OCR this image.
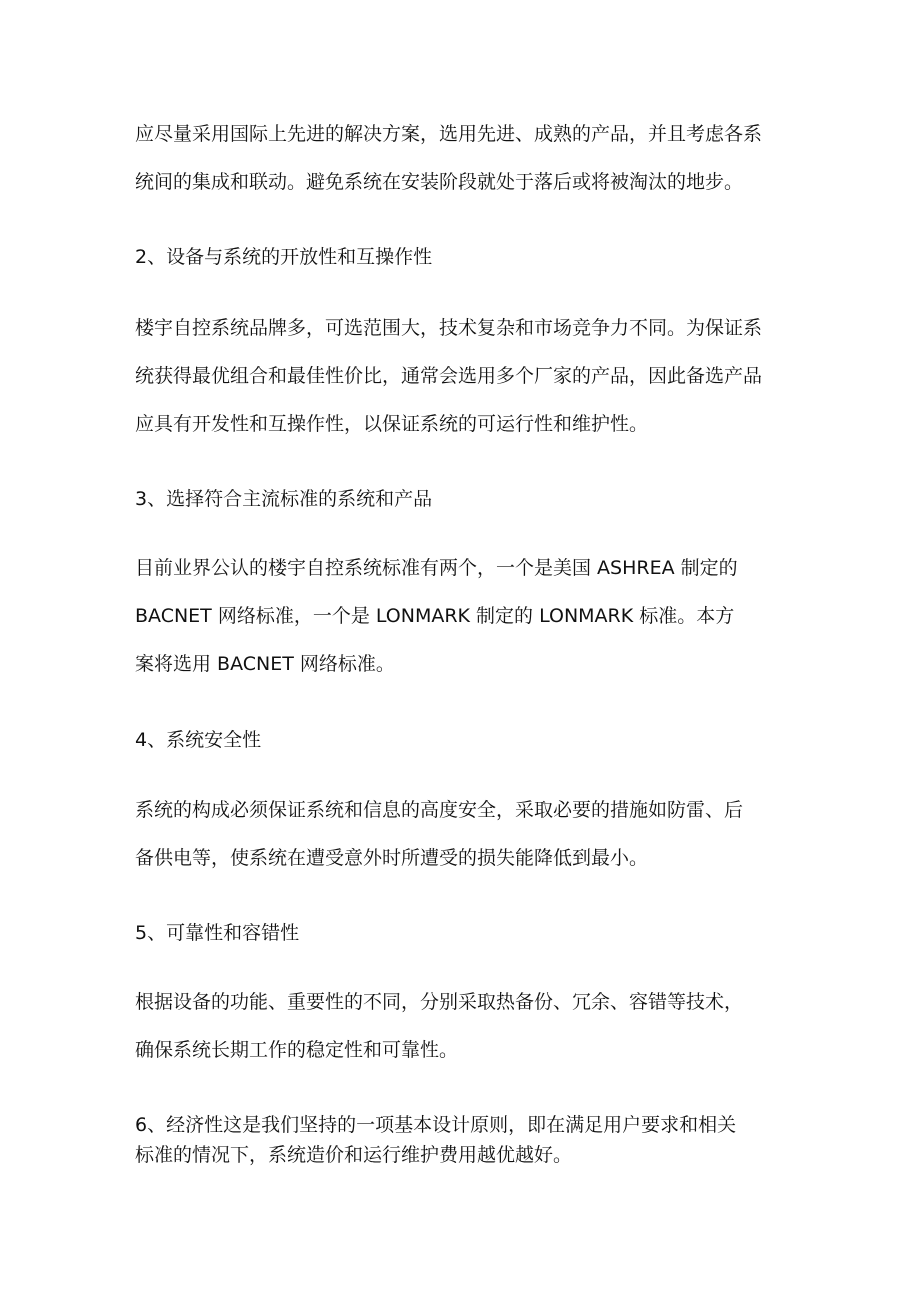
应尽量采用国际上先进的解决方案，选用先进、成熟的产品，并且考虑各系
统间的集成和联动。避免系统在安装阶段就处于落后或将被淘汰的地步。

2、设备与系统的开放性和互操作性

楼宇自控系统品牌多，可选范围大，技术复杂和市场竞争力不同。为保证系
统获得最优组合和最佳性价比，通常会选用多个厂家的产品，因此备选产品
应具有开发性和互操作性，以保证系统的可运行性和维护性。

3、选择符合主流标准的系统和产品

目前业界公认的楼宇自控系统标准有两个，一个是美国 ASHREA 制定的
BACNET 网络标准，一个是 LONMARK 制定的 LONMARK 标准。本方
案将选用 BACNET 网络标准。

4、系统安全性

系统的构成必须保证系统和信息的高度安全，采取必要的措施如防雷、后
备供电等，使系统在遭受意外时所遭受的损失能降低到最小。

5、可靠性和容错性

根据设备的功能、重要性的不同，分别采取热备份、冗余、容错等技术，
确保系统长期工作的稳定性和可靠性。

6、经济性这是我们坚持的一项基本设计原则，即在满足用户要求和相关
标准的情况下，系统造价和运行维护费用越优越好。
